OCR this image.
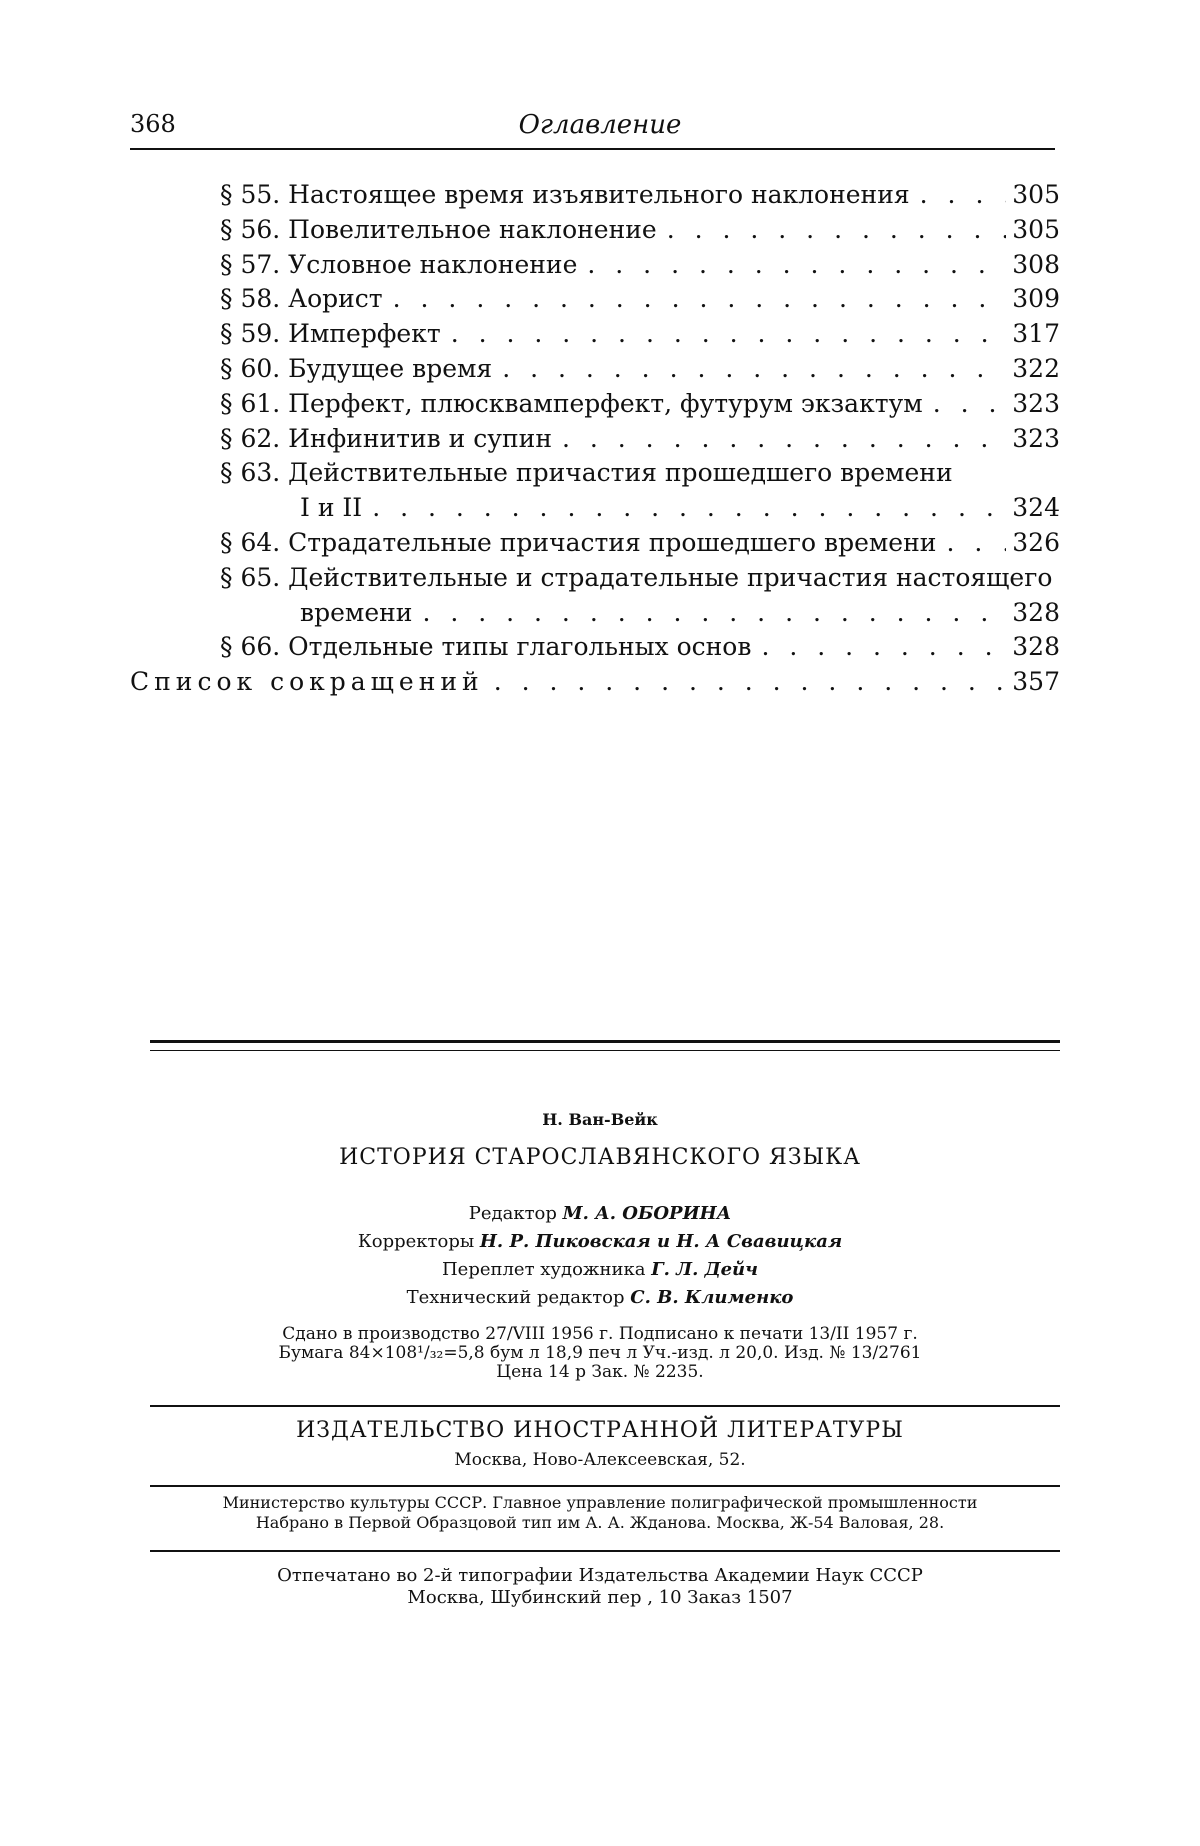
368	Оглавление
§ 55. Настоящее время изъявительного наклонения . . .	305
§ 56. Повелительное наклонение . . .	305
§ 57. Условное наклонение . . .	308
§ 58. Аорист . . .	309
§ 59. Имперфект . . .	317
§ 60. Будущее время . . .	322
§ 61. Перфект, плюсквамперфект, футурум экзактум . . .	323
§ 62. Инфинитив и супин . . .	323
§ 63. Действительные причастия прошедшего времени
I и II . . .	324
§ 64. Страдательные причастия прошедшего времени . . .	326
§ 65. Действительные и страдательные причастия настоящего
времени . . .	328
§ 66. Отдельные типы глагольных основ . . .	328
Список сокращений . . .	357
Н. Ван-Вейк
ИСТОРИЯ СТАРОСЛАВЯНСКОГО ЯЗЫКА
Редактор М. А. ОБОРИНА
Корректоры Н. Р. Пиковская и Н. А Свавицкая
Переплет художника Г. Л. Дейч
Технический редактор С. В. Клименко
Сдано в производство 27/VIII 1956 г. Подписано к печати 13/II 1957 г.
Бумага 84×108¹/₃₂=5,8 бум л 18,9 печ л Уч.-изд. л 20,0. Изд. № 13/2761
Цена 14 р Зак. № 2235.
ИЗДАТЕЛЬСТВО ИНОСТРАННОЙ ЛИТЕРАТУРЫ
Москва, Ново-Алексеевская, 52.
Министерство культуры СССР. Главное управление полиграфической промышленности
Набрано в Первой Образцовой тип им А. А. Жданова. Москва, Ж-54 Валовая, 28.
Отпечатано во 2-й типографии Издательства Академии Наук СССР
Москва, Шубинский пер , 10 Заказ 1507
